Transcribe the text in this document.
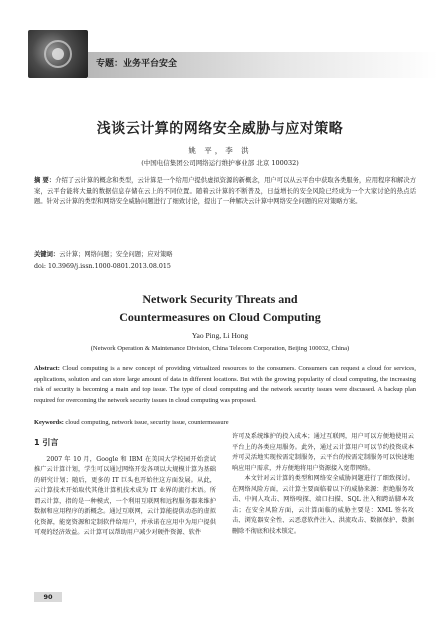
专题：业务平台安全
浅谈云计算的网络安全威胁与应对策略
姚 平，李 洪
(中国电信集团公司网络运行维护事业部 北京 100032)
摘 要：介绍了云计算的概念和类型，云计算是一个给用户提供虚拟资源的新概念，用户可以从云平台中获取各类服务，应用程序和解决方案，云平台能将大量的数据信息存储在云上的不同位置。随着云计算的不断普及，日益增长的安全风险已经成为一个大家讨论的热点话题。针对云计算的类型和网络安全威胁问题进行了细致讨论，提出了一种解决云计算中网络安全问题的应对策略方案。
关键词：云计算；网络问题；安全问题；应对策略
doi: 10.3969/j.issn.1000-0801.2013.08.015
Network Security Threats and
Countermeasures on Cloud Computing
Yao Ping, Li Hong
(Network Operation & Maintenance Division, China Telecom Corporation, Beijing 100032, China)
Abstract: Cloud computing is a new concept of providing virtualized resources to the consumers. Consumers can request a cloud for services, applications, solution and can store large amount of data in different locations. But with the growing popularity of cloud computing, the increasing risk of security is becoming a main and top issue. The type of cloud computing and the network security issues were discussed. A backup plan required for overcoming the network security issues in cloud computing was proposed.
Keywords: cloud computing, network issue, security issue, countermeasure
1 引言
2007 年 10 月，Google 和 IBM 在美国大学校园开始尝试推广云计算计划，学生可以通过网络开发各项以大规模计算为基础的研究计划；随后，更多的 IT 巨头也开始往这方面发展。从此，云计算技术开始取代其他计算机技术成为 IT 业界的流行术语。所谓云计算，指的是一种模式，一个利用互联网和远程服务器来维护数据和应用程序的新概念。通过互联网，云计算能提供动态的虚拟化资源，能宽资源和定制软件给用户，并承诺在应用中为用户提供可观的经济效益。云计算可以帮助用户减少对硬件资源、软件
许可及系统维护的投入成本；通过互联网，用户可以方便地使用云平台上的各类应用服务。此外，通过云计算用户可以节约投资成本并可灵活地实现按需定制服务，云平台的按需定制服务可以快速地响应用户需求，并方便地将用户资源接入宽带网络。
本文针对云计算的类型和网络安全威胁问题进行了细致探讨。在网络风险方面，云计算主要面临着以下的威胁来源：拒绝服务攻击、中间人攻击、网络嗅探、端口扫描、SQL 注入和跨站脚本攻击；在安全风险方面，云计算面临的威胁主要是：XML 签名攻击、浏览器安全性、云恶意软件注入、洪流攻击、数据保护、数据删除不彻底和技术锁定。
90
